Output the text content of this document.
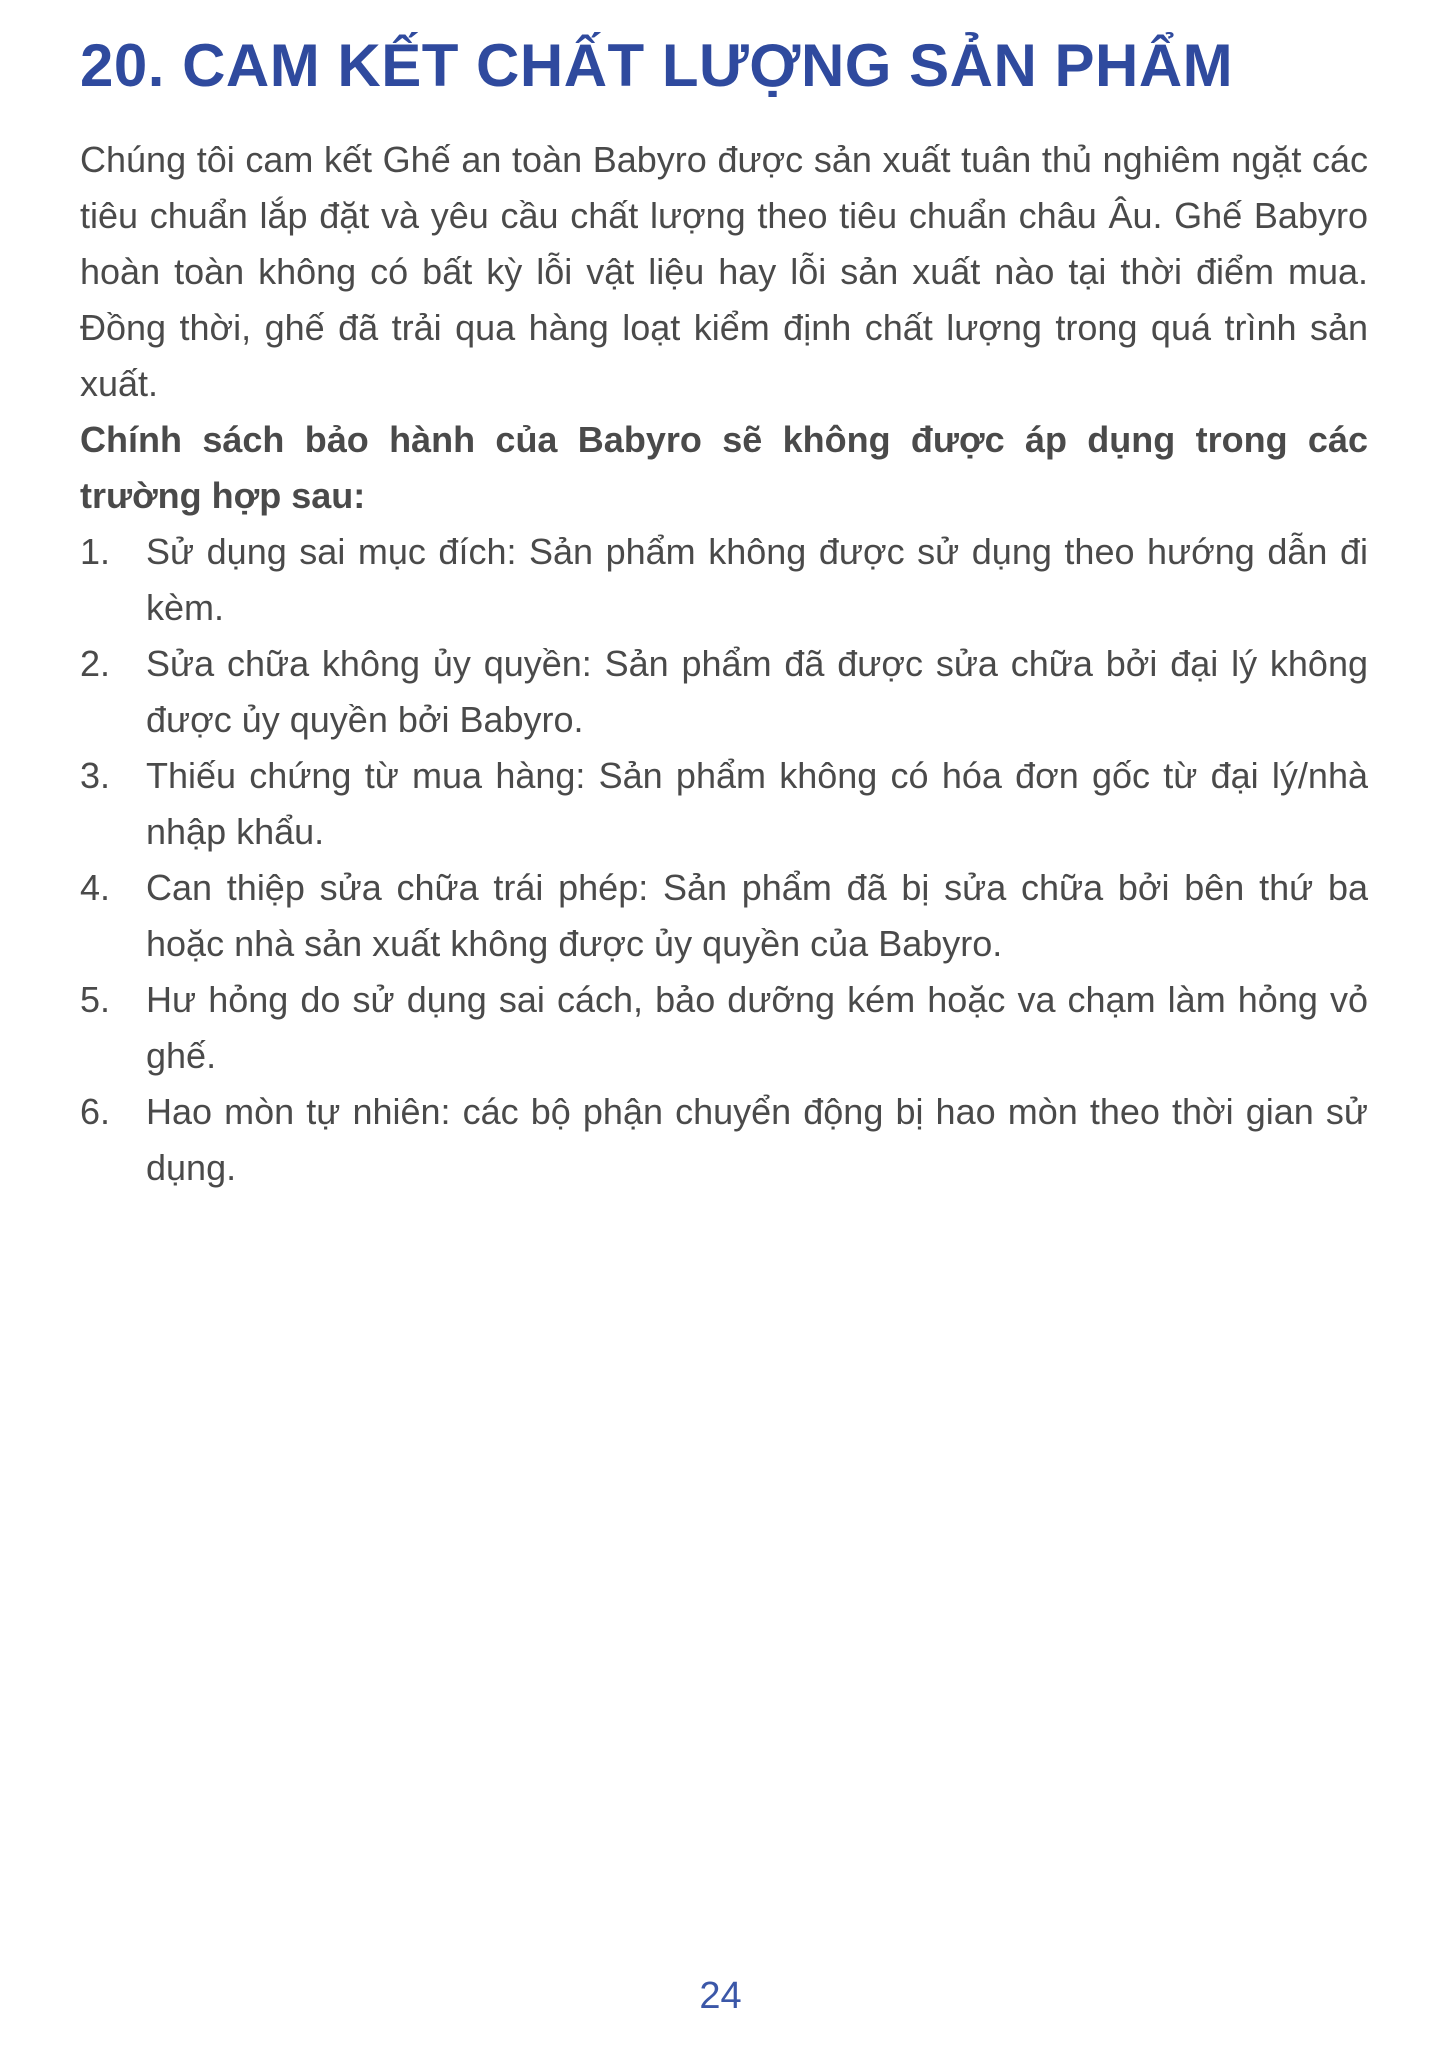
20. CAM KẾT CHẤT LƯỢNG SẢN PHẨM

Chúng tôi cam kết Ghế an toàn Babyro được sản xuất tuân thủ nghiêm ngặt các tiêu chuẩn lắp đặt và yêu cầu chất lượng theo tiêu chuẩn châu Âu. Ghế Babyro hoàn toàn không có bất kỳ lỗi vật liệu hay lỗi sản xuất nào tại thời điểm mua. Đồng thời, ghế đã trải qua hàng loạt kiểm định chất lượng trong quá trình sản xuất.

Chính sách bảo hành của Babyro sẽ không được áp dụng trong các trường hợp sau:

1. Sử dụng sai mục đích: Sản phẩm không được sử dụng theo hướng dẫn đi kèm.
2. Sửa chữa không ủy quyền: Sản phẩm đã được sửa chữa bởi đại lý không được ủy quyền bởi Babyro.
3. Thiếu chứng từ mua hàng: Sản phẩm không có hóa đơn gốc từ đại lý/nhà nhập khẩu.
4. Can thiệp sửa chữa trái phép: Sản phẩm đã bị sửa chữa bởi bên thứ ba hoặc nhà sản xuất không được ủy quyền của Babyro.
5. Hư hỏng do sử dụng sai cách, bảo dưỡng kém hoặc va chạm làm hỏng vỏ ghế.
6. Hao mòn tự nhiên: các bộ phận chuyển động bị hao mòn theo thời gian sử dụng.
24
